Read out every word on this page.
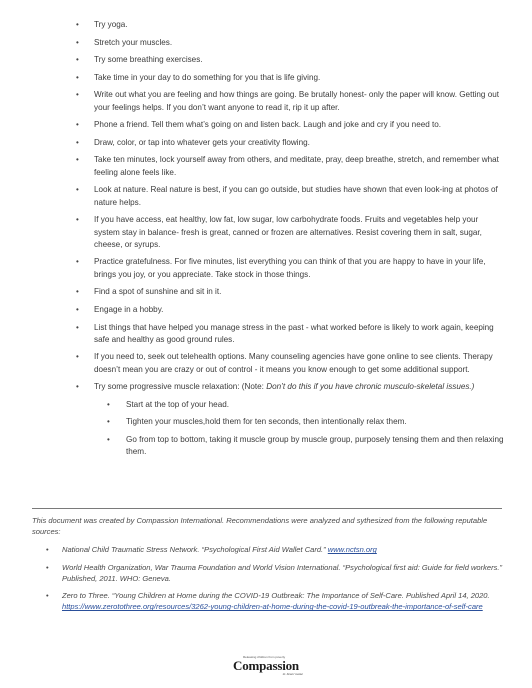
• Try yoga.
• Stretch your muscles.
• Try some breathing exercises.
• Take time in your day to do something for you that is life giving.
• Write out what you are feeling and how things are going. Be brutally honest- only the paper will know. Getting out your feelings helps. If you don’t want anyone to read it, rip it up after.
• Phone a friend. Tell them what’s going on and listen back. Laugh and joke and cry if you need to.
• Draw, color, or tap into whatever gets your creativity flowing.
• Take ten minutes, lock yourself away from others, and meditate, pray, deep breathe, stretch, and remember what feeling alone feels like.
• Look at nature. Real nature is best, if you can go outside, but studies have shown that even look-ing at photos of nature helps.
• If you have access, eat healthy, low fat, low sugar, low carbohydrate foods. Fruits and vegetables help your system stay in balance- fresh is great, canned or frozen are alternatives. Resist covering them in salt, sugar, cheese, or syrups.
• Practice gratefulness. For five minutes, list everything you can think of that you are happy to have in your life, brings you joy, or you appreciate. Take stock in those things.
• Find a spot of sunshine and sit in it.
• Engage in a hobby.
• List things that have helped you manage stress in the past - what worked before is likely to work again, keeping safe and healthy as good ground rules.
• If you need to, seek out telehealth options. Many counseling agencies have gone online to see clients. Therapy doesn’t mean you are crazy or out of control - it means you know enough to get some additional support.
• Try some progressive muscle relaxation: (Note: Don’t do this if you have chronic musculo-skeletal issues.)
• Start at the top of your head.
• Tighten your muscles,hold them for ten seconds, then intentionally relax them.
• Go from top to bottom, taking it muscle group by muscle group, purposely tensing them and then relaxing them.

This document was created by Compassion International. Recommendations were analyzed and sythesized from the following reputable sources:

• National Child Traumatic Stress Network. “Psychological First Aid Wallet Card.” www.nctsn.org
• World Health Organization, War Trauma Foundation and World Vision International. “Psychological first aid: Guide for field workers.” Published, 2011. WHO: Geneva.
• Zero to Three. “Young Children at Home during the COVID-19 Outbreak: The Importance of Self-Care. Published April 14, 2020. https://www.zerotothree.org/resources/3262-young-children-at-home-during-the-covid-19-outbreak-the-importance-of-self-care
Releasing children from poverty
Compassion
in Jesus' name
